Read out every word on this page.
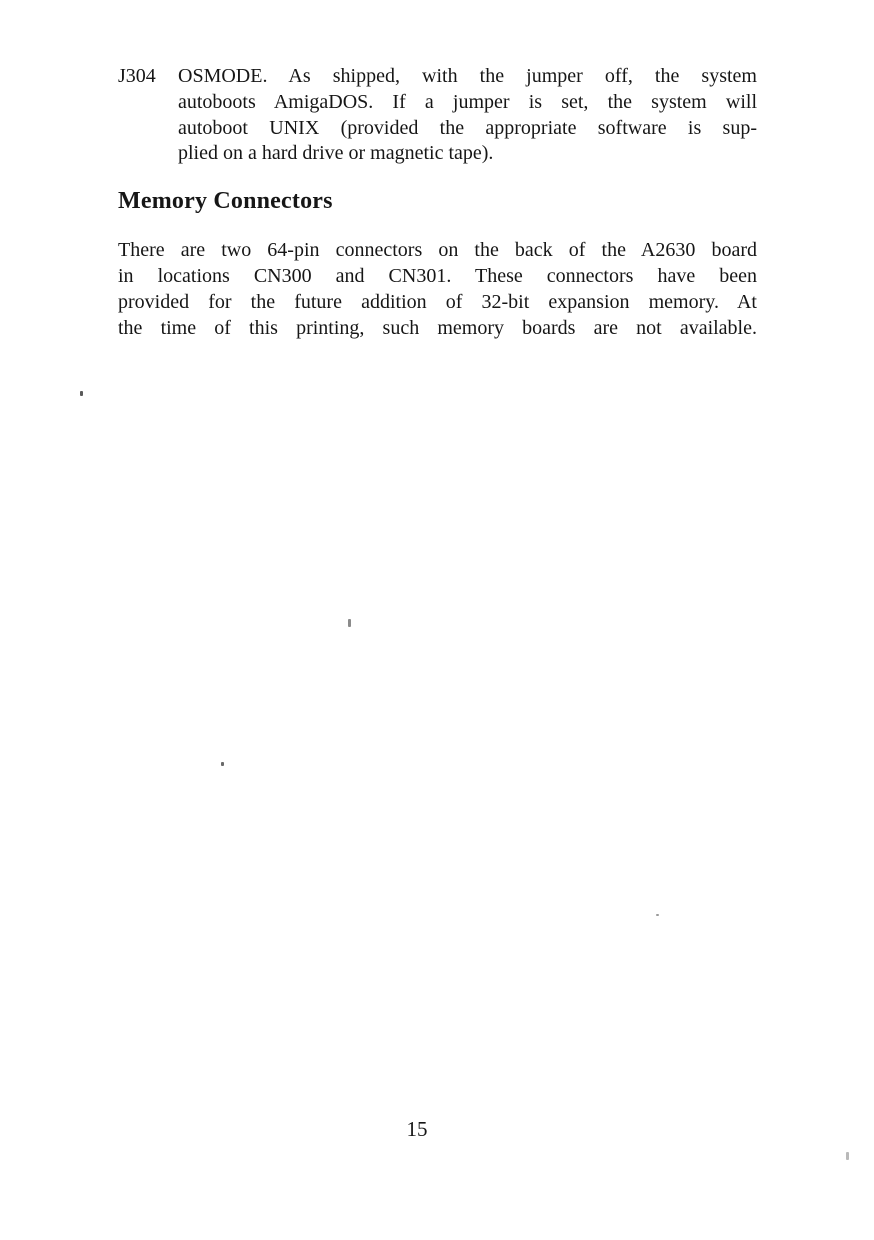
J304	OSMODE. As shipped, with the jumper off, the system
autoboots AmigaDOS. If a jumper is set, the system will
autoboot UNIX (provided the appropriate software is sup-
plied on a hard drive or magnetic tape).
Memory Connectors
There are two 64-pin connectors on the back of the A2630 board
in locations CN300 and CN301. These connectors have been
provided for the future addition of 32-bit expansion memory. At
the time of this printing, such memory boards are not available.
15
